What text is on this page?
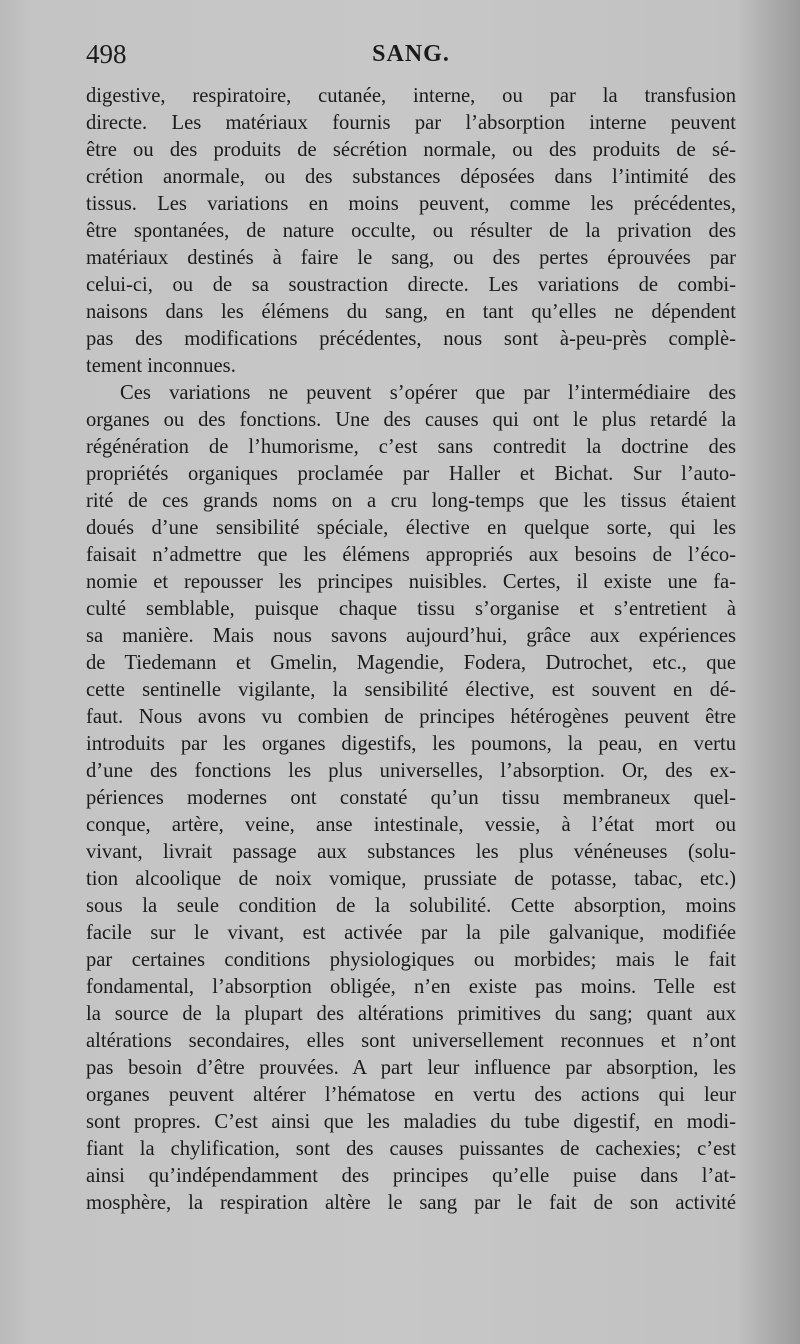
498	SANG.
digestive, respiratoire, cutanée, interne, ou par la transfusion
directe. Les matériaux fournis par l’absorption interne peuvent
être ou des produits de sécrétion normale, ou des produits de sé-
crétion anormale, ou des substances déposées dans l’intimité des
tissus. Les variations en moins peuvent, comme les précédentes,
être spontanées, de nature occulte, ou résulter de la privation des
matériaux destinés à faire le sang, ou des pertes éprouvées par
celui-ci, ou de sa soustraction directe. Les variations de combi-
naisons dans les élémens du sang, en tant qu’elles ne dépendent
pas des modifications précédentes, nous sont à-peu-près complè-
tement inconnues.
Ces variations ne peuvent s’opérer que par l’intermédiaire des
organes ou des fonctions. Une des causes qui ont le plus retardé la
régénération de l’humorisme, c’est sans contredit la doctrine des
propriétés organiques proclamée par Haller et Bichat. Sur l’auto-
rité de ces grands noms on a cru long-temps que les tissus étaient
doués d’une sensibilité spéciale, élective en quelque sorte, qui les
faisait n’admettre que les élémens appropriés aux besoins de l’éco-
nomie et repousser les principes nuisibles. Certes, il existe une fa-
culté semblable, puisque chaque tissu s’organise et s’entretient à
sa manière. Mais nous savons aujourd’hui, grâce aux expériences
de Tiedemann et Gmelin, Magendie, Fodera, Dutrochet, etc., que
cette sentinelle vigilante, la sensibilité élective, est souvent en dé-
faut. Nous avons vu combien de principes hétérogènes peuvent être
introduits par les organes digestifs, les poumons, la peau, en vertu
d’une des fonctions les plus universelles, l’absorption. Or, des ex-
périences modernes ont constaté qu’un tissu membraneux quel-
conque, artère, veine, anse intestinale, vessie, à l’état mort ou
vivant, livrait passage aux substances les plus vénéneuses (solu-
tion alcoolique de noix vomique, prussiate de potasse, tabac, etc.)
sous la seule condition de la solubilité. Cette absorption, moins
facile sur le vivant, est activée par la pile galvanique, modifiée
par certaines conditions physiologiques ou morbides; mais le fait
fondamental, l’absorption obligée, n’en existe pas moins. Telle est
la source de la plupart des altérations primitives du sang; quant aux
altérations secondaires, elles sont universellement reconnues et n’ont
pas besoin d’être prouvées. A part leur influence par absorption, les
organes peuvent altérer l’hématose en vertu des actions qui leur
sont propres. C’est ainsi que les maladies du tube digestif, en modi-
fiant la chylification, sont des causes puissantes de cachexies; c’est
ainsi qu’indépendamment des principes qu’elle puise dans l’at-
mosphère, la respiration altère le sang par le fait de son activité
